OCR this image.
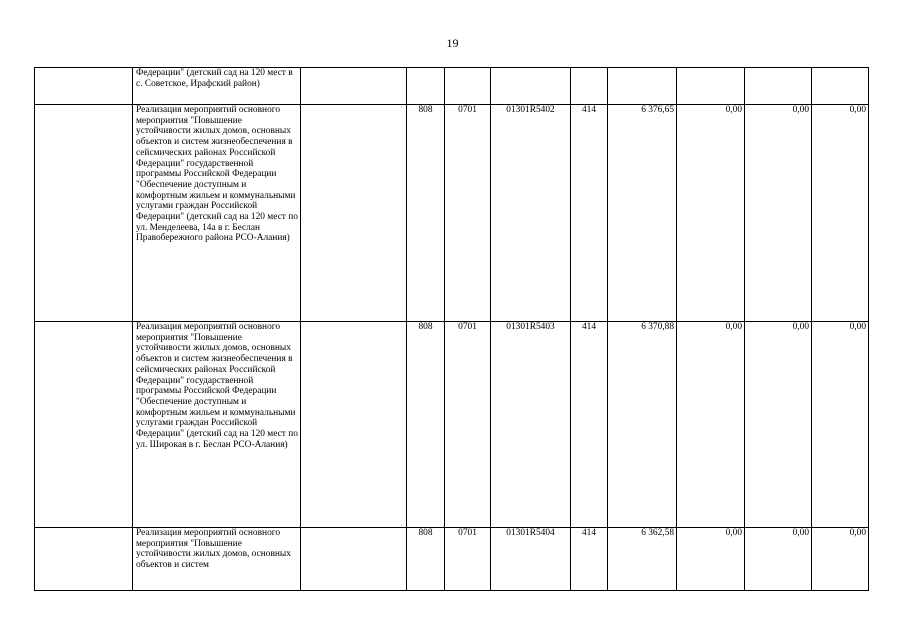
19
	Федерации" (детский сад на 120 мест в с. Советское, Ирафский район)									
	Реализация мероприятий основного мероприятия "Повышение устойчивости жилых домов, основных объектов и систем жизнеобеспечения в сейсмических районах Российской Федерации" государственной программы Российской Федерации "Обеспечение доступным и комфортным жильем и коммунальными услугами граждан Российской Федерации" (детский сад на 120 мест по ул. Менделеева, 14а в г. Беслан Правобережного района РСО-Алания)		808	0701	01301R5402	414	6 376,65	0,00	0,00	0,00
	Реализация мероприятий основного мероприятия "Повышение устойчивости жилых домов, основных объектов и систем жизнеобеспечения в сейсмических районах Российской Федерации" государственной программы Российской Федерации "Обеспечение доступным и комфортным жильем и коммунальными услугами граждан Российской Федерации" (детский сад на 120 мест по ул. Широкая в г. Беслан РСО-Алания)		808	0701	01301R5403	414	6 370,88	0,00	0,00	0,00
	Реализация мероприятий основного мероприятия "Повышение устойчивости жилых домов, основных объектов и систем		808	0701	01301R5404	414	6 362,58	0,00	0,00	0,00
